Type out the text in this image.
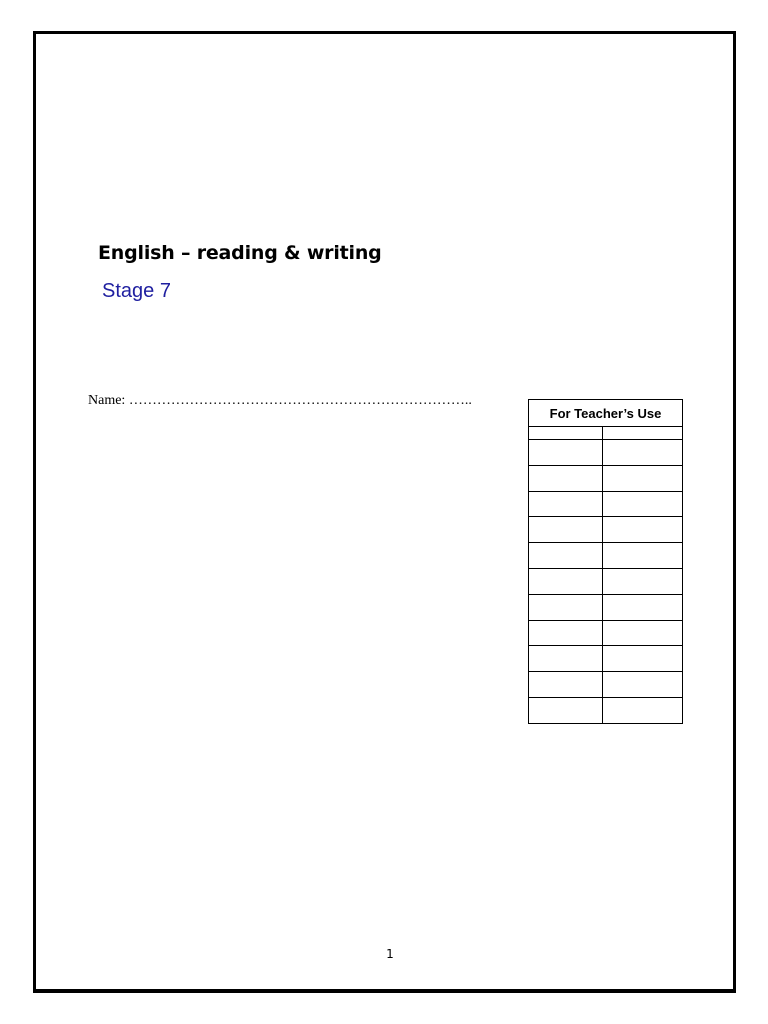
English – reading & writing
Stage 7
Name: ………………………………………………………………..
For Teacher’s Use	

1
